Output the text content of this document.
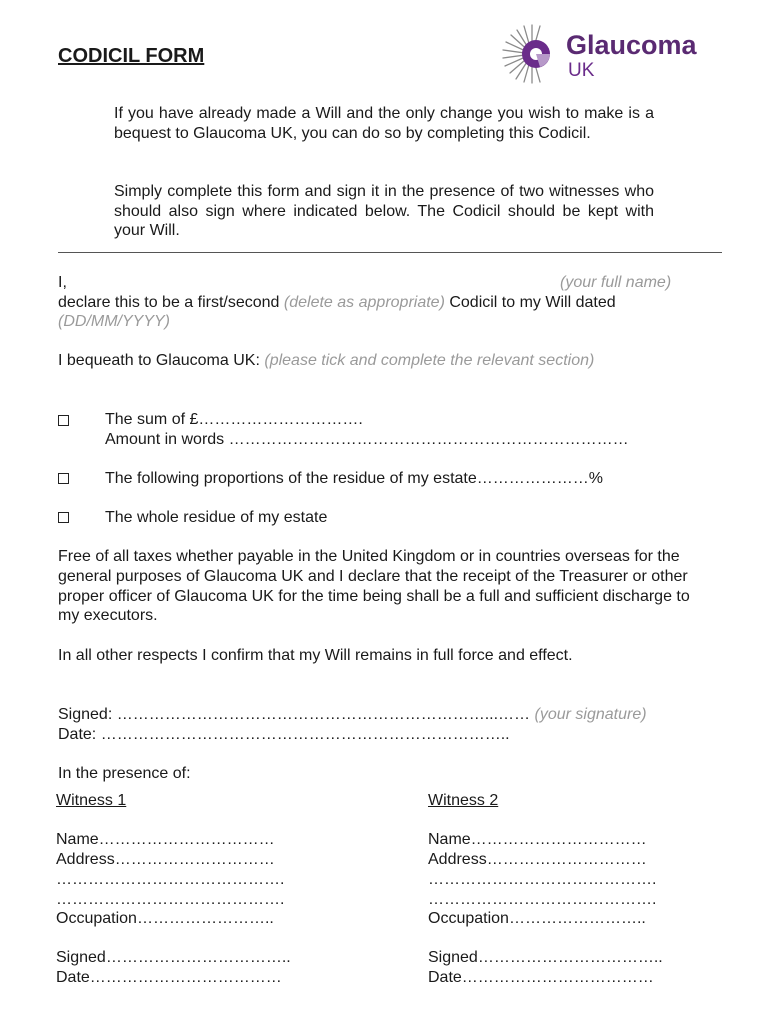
CODICIL FORM	Glaucoma
UK
If you have already made a Will and the only change you wish to make is a bequest to Glaucoma UK, you can do so by completing this Codicil.
Simply complete this form and sign it in the presence of two witnesses who should also sign where indicated below. The Codicil should be kept with your Will.
I,	(your full name)
declare this to be a first/second (delete as appropriate) Codicil to my Will dated
(DD/MM/YYYY)
I bequeath to Glaucoma UK: (please tick and complete the relevant section)
The sum of £………………………….
Amount in words …………………………………………………………………
The following proportions of the residue of my estate…………………%
The whole residue of my estate
Free of all taxes whether payable in the United Kingdom or in countries overseas for the general purposes of Glaucoma UK and I declare that the receipt of the Treasurer or other proper officer of Glaucoma UK for the time being shall be a full and sufficient discharge to my executors.
In all other respects I confirm that my Will remains in full force and effect.
Signed: ……………………………………………………………...…… (your signature)
Date: …………………………………………………………………..
In the presence of:
Witness 1
Name……………………………
Address…………………………
…………………………………….
…………………………………….
Occupation……………………..
Signed……………………………..
Date………………………………
Witness 2
Name……………………………
Address…………………………
…………………………………….
…………………………………….
Occupation……………………..
Signed……………………………..
Date………………………………
